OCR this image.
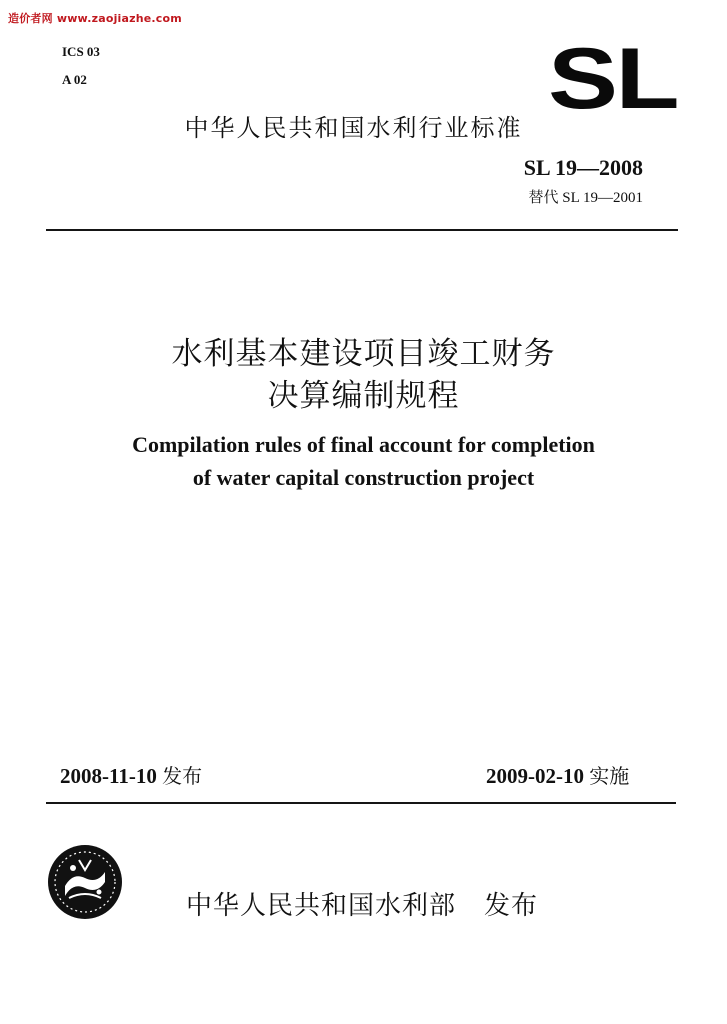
造价者网 www.zaojiazhe.com
ICS 03
A 02	SL
中华人民共和国水利行业标准
SL 19—2008
替代 SL 19—2001
水利基本建设项目竣工财务
决算编制规程
Compilation rules of final account for completion
of water capital construction project
2008-11-10 发布	2009-02-10 实施
中华人民共和国水利部 发布
